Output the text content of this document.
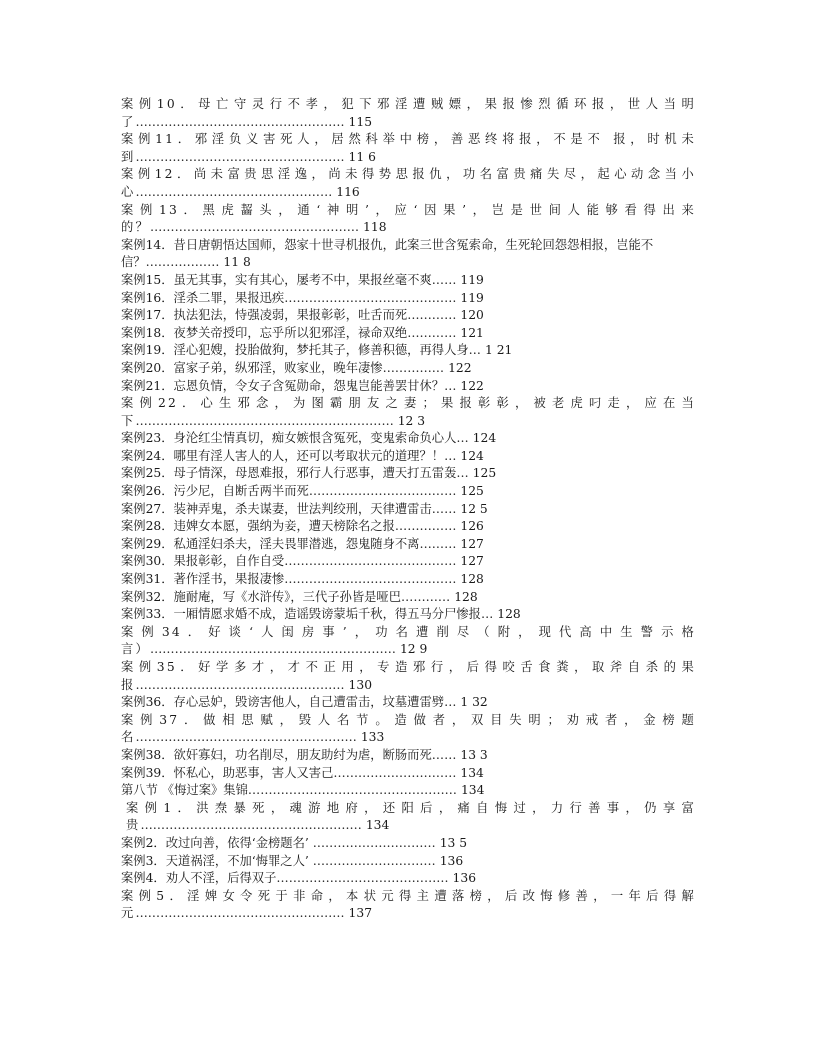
案例10．母亡守灵行不孝，犯下邪淫遭贼嫖，果报惨烈循环报，世人当明了…………………………………………… 115

案例11．邪淫负义害死人，居然科举中榜，善恶终将报，不是不 报，时机未到…………………………………………… 11 6

案例12．尚未富贵思淫逸，尚未得势思报仇，功名富贵痛失尽，起心动念当小心………………………………………… 116

案例13．黑虎齧头，通‘神明’，应‘因果’，岂是世间人能够看得出来的？…………………………………………… 118

案例14．昔日唐朝悟达国师，怨家十世寻机报仇，此案三世含冤索命，生死轮回怨怨相报，岂能不信？……………… 11 8

案例15．虽无其事，实有其心，屡考不中，果报丝毫不爽…… 119

案例16．淫杀二罪，果报迅疾…………………………………… 119

案例17．执法犯法，恃强凌弱，果报彰彰，吐舌而死………… 120

案例18．夜梦关帝授印，忘乎所以犯邪淫，禄命双绝………… 121

案例19．淫心犯嫂，投胎做狗，梦托其子，修善积德，再得人身… 1 21

案例20．富家子弟，纵邪淫，败家业，晚年凄惨…………… 122

案例21．忘恩负情，令女子含冤勋命，怨鬼岂能善罢甘休？… 122

案例22．心生邪念，为图霸朋友之妻；果报彰彰，被老虎叼走，应在当下……………………………………………………… 12 3

案例23．身沦红尘情真切，痴女嫉恨含冤死，变鬼索命负心人… 124

案例24．哪里有淫人害人的人，还可以考取状元的道理？！… 124

案例25．母子情深，母恩难报，邪行人行恶事，遭天打五雷轰… 125

案例26．污少尼，自断舌两半而死……………………………… 125

案例27．装神弄鬼，杀夫谋妻，世法判绞刑，天律遭雷击…… 12 5

案例28．违婢女本愿，强纳为妾，遭天榜除名之报…………… 126

案例29．私通淫妇杀夫，淫夫畏罪潜逃，怨鬼随身不离……… 127

案例30．果报彰彰，自作自受…………………………………… 127

案例31．著作淫书，果报凄惨…………………………………… 128

案例32．施耐庵，写《水浒传》，三代子孙皆是哑巴………… 128

案例33．一厢情愿求婚不成，造谣毁谤蒙垢千秋，得五马分尸惨报… 128

案例34．好谈‘人闺房事’，功名遭削尽（附，现代高中生警示格言）…………………………………………………… 12 9

案例35．好学多才，才不正用，专造邪行，后得咬舌食粪，取斧自杀的果报…………………………………………… 130

案例36．存心忌妒，毁谤害他人，自己遭雷击，坟墓遭雷劈… 1 32

案例37．做相思赋，毁人名节。造做者，双目失明；劝戒者，金榜题名……………………………………………… 133

案例38．欲奸寡妇，功名削尽，朋友助纣为虐，断肠而死…… 13 3

案例39．怀私心，助恶事，害人又害己………………………… 134

第八节 《悔过案》集锦…………………………………………… 134

案例1．洪焘暴死，魂游地府，还阳后，痛自悔过，力行善事，仍享富贵……………………………………………… 134

案例2．改过向善，依得‘金榜题名’ ………………………… 13 5

案例3．天道祸淫，不加‘悔罪之人’ ………………………… 136

案例4．劝人不淫，后得双子…………………………………… 136

案例5．淫婢女令死于非命，本状元得主遭落榜，后改悔修善，一年后得解元…………………………………………… 137
